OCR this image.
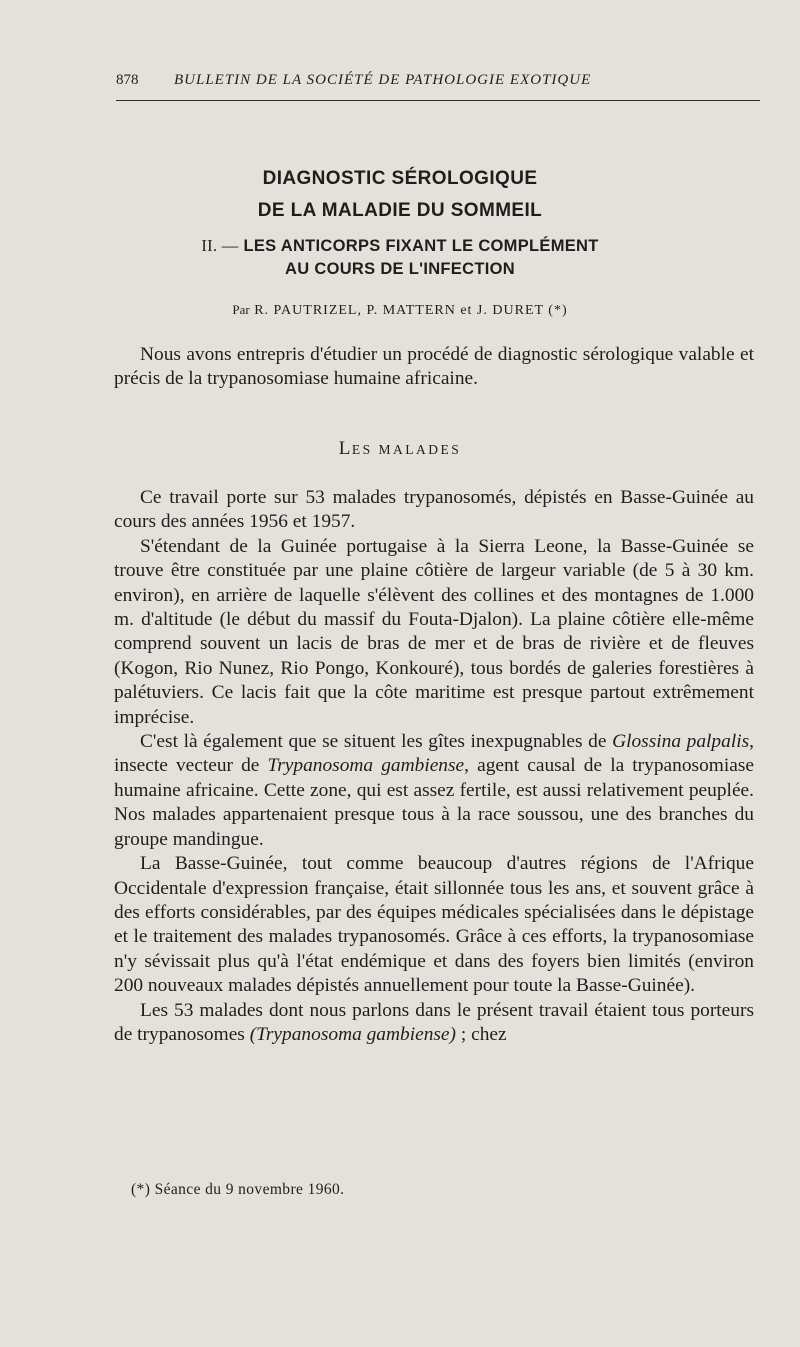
878 BULLETIN DE LA SOCIÉTÉ DE PATHOLOGIE EXOTIQUE
DIAGNOSTIC SÉROLOGIQUE
DE LA MALADIE DU SOMMEIL
II. — LES ANTICORPS FIXANT LE COMPLÉMENT
AU COURS DE L'INFECTION
Par R. PAUTRIZEL, P. MATTERN et J. DURET (*)

Nous avons entrepris d'étudier un procédé de diagnostic sérologique valable et précis de la trypanosomiase humaine africaine.

LES MALADES

Ce travail porte sur 53 malades trypanosomés, dépistés en Basse-Guinée au cours des années 1956 et 1957.

S'étendant de la Guinée portugaise à la Sierra Leone, la Basse-Guinée se trouve être constituée par une plaine côtière de largeur variable (de 5 à 30 km. environ), en arrière de laquelle s'élèvent des collines et des montagnes de 1.000 m. d'altitude (le début du massif du Fouta-Djalon). La plaine côtière elle-même comprend souvent un lacis de bras de mer et de bras de rivière et de fleuves (Kogon, Rio Nunez, Rio Pongo, Konkouré), tous bordés de galeries forestières à palétuviers. Ce lacis fait que la côte maritime est presque partout extrêmement imprécise.

C'est là également que se situent les gîtes inexpugnables de Glossina palpalis, insecte vecteur de Trypanosoma gambiense, agent causal de la trypanosomiase humaine africaine. Cette zone, qui est assez fertile, est aussi relativement peuplée. Nos malades appartenaient presque tous à la race soussou, une des branches du groupe mandingue.

La Basse-Guinée, tout comme beaucoup d'autres régions de l'Afrique Occidentale d'expression française, était sillonnée tous les ans, et souvent grâce à des efforts considérables, par des équipes médicales spécialisées dans le dépistage et le traitement des malades trypanosomés. Grâce à ces efforts, la trypanosomiase n'y sévissait plus qu'à l'état endémique et dans des foyers bien limités (environ 200 nouveaux malades dépistés annuellement pour toute la Basse-Guinée).

Les 53 malades dont nous parlons dans le présent travail étaient tous porteurs de trypanosomes (Trypanosoma gambiense) ; chez

(*) Séance du 9 novembre 1960.
